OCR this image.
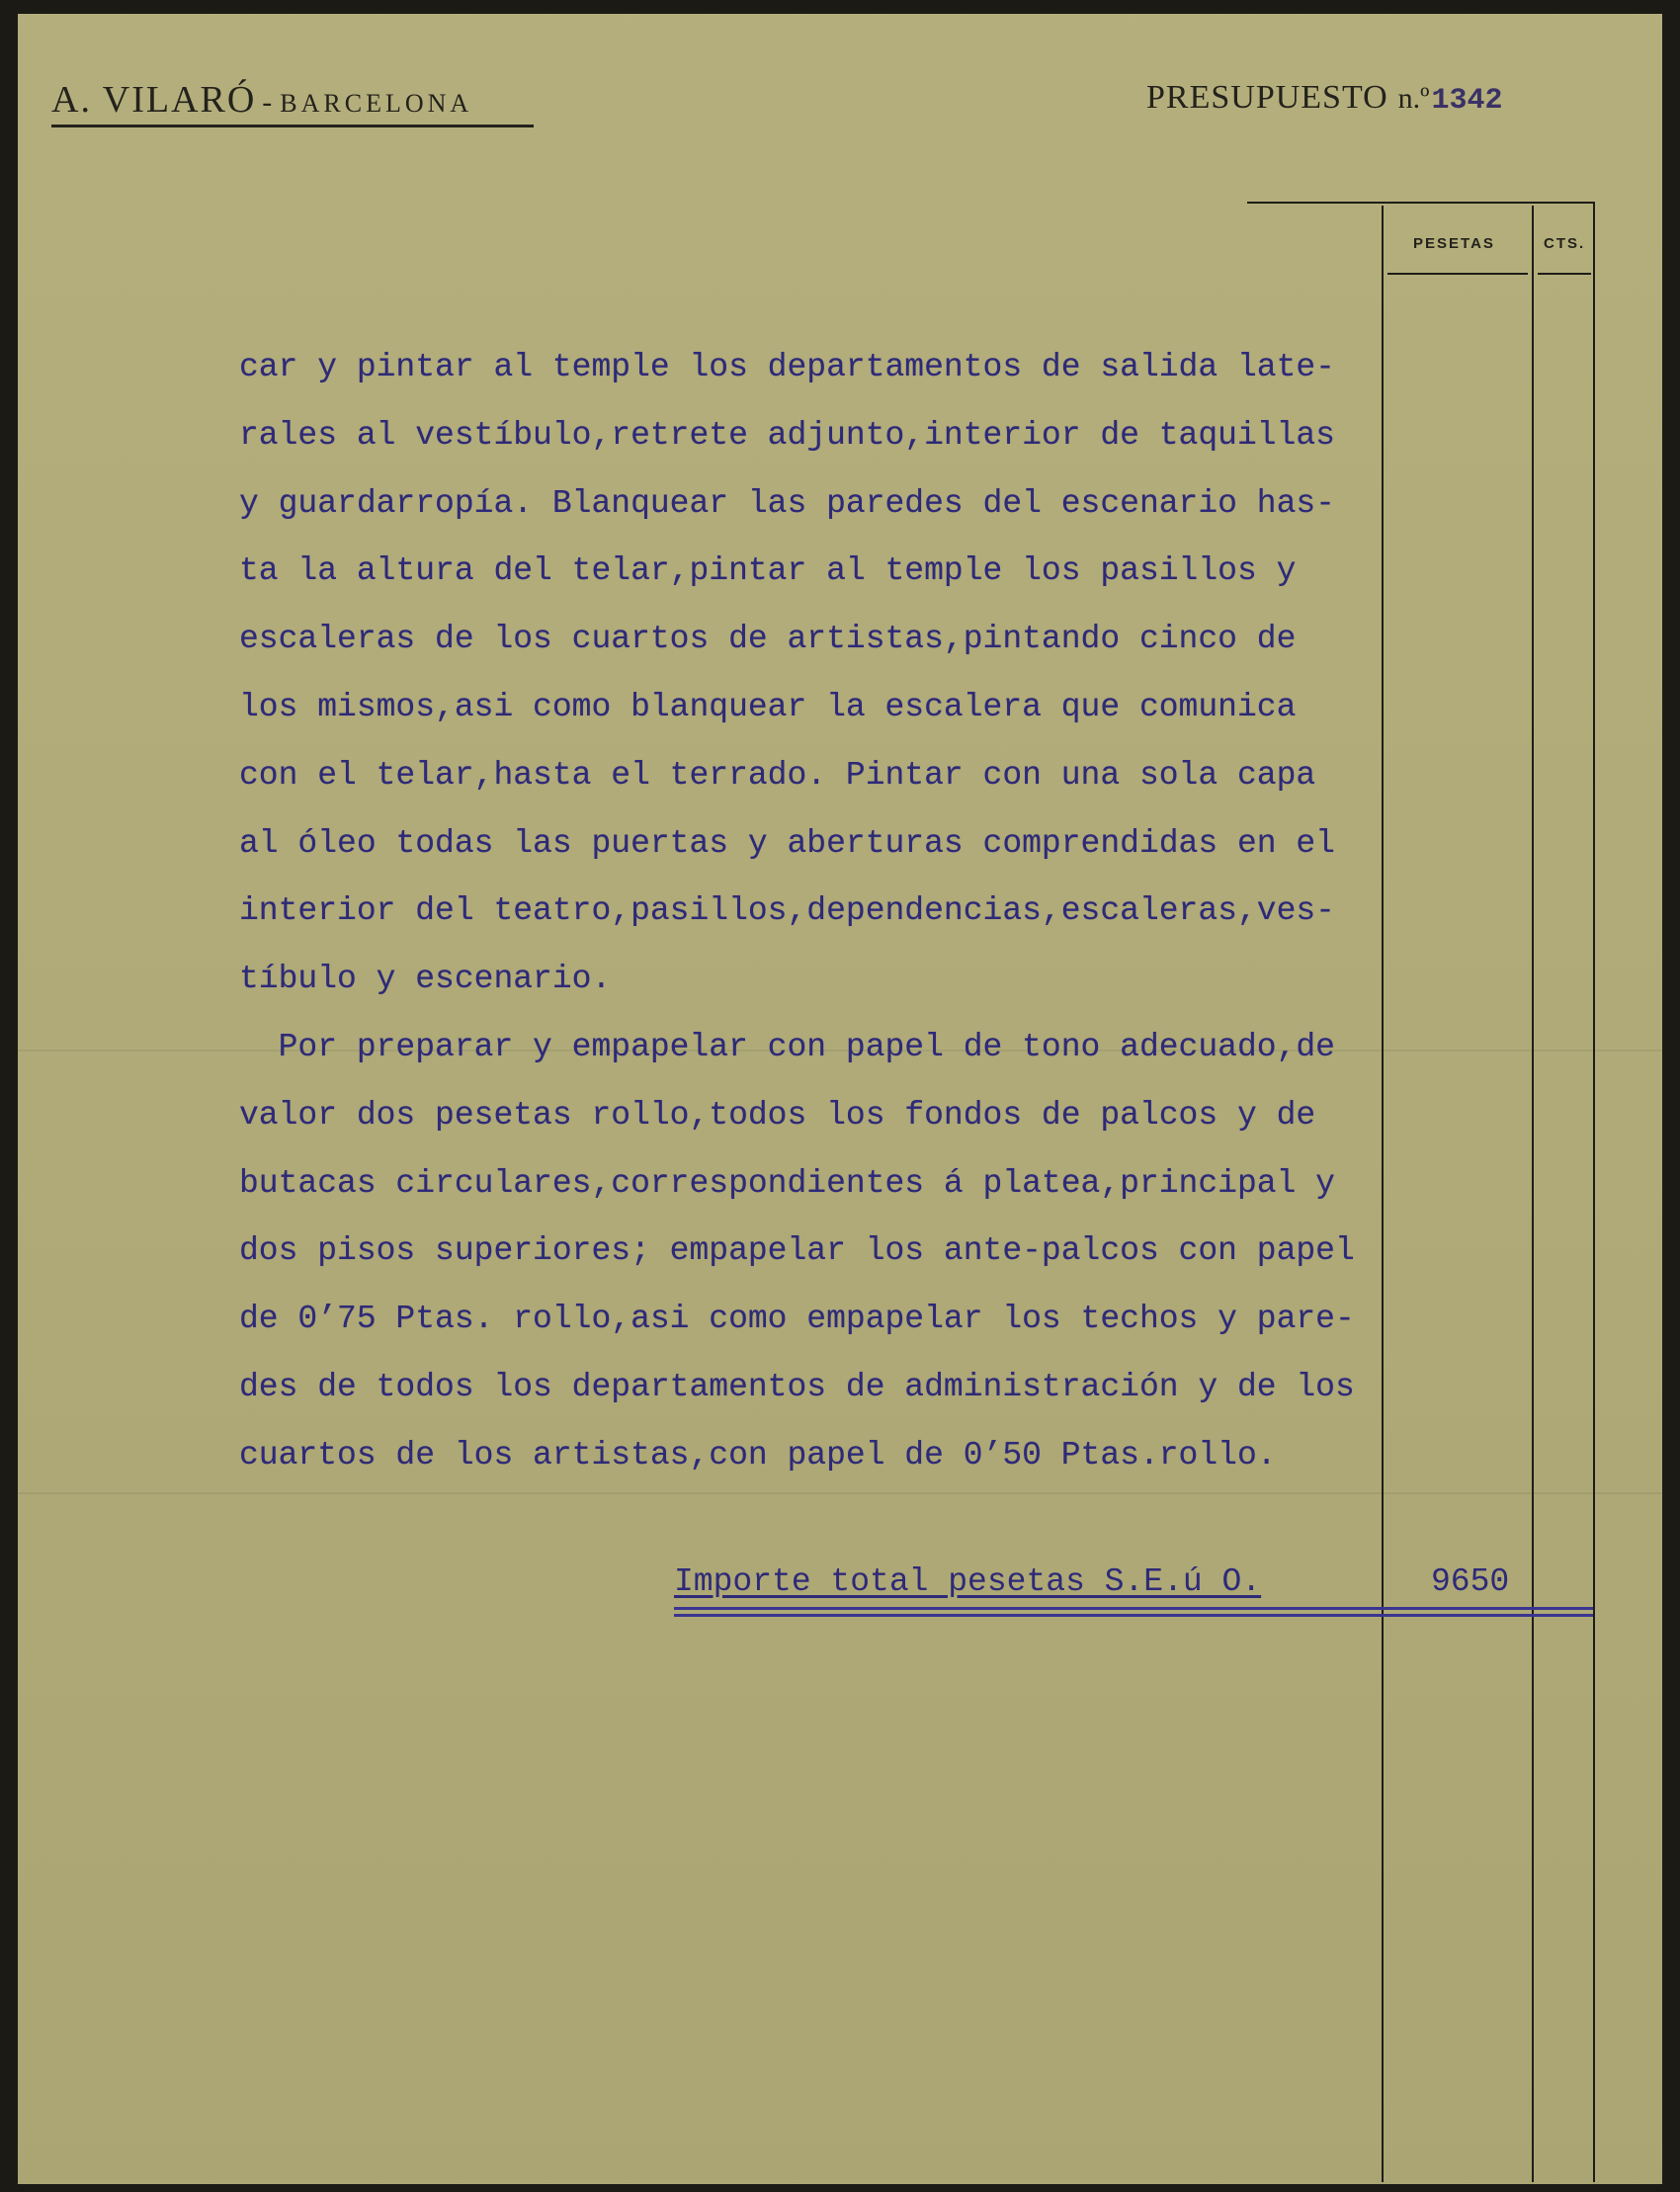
A. VILARÓ - BARCELONA	PRESUPUESTO n.º1342
PESETAS	CTS.
car y pintar al temple los departamentos de salida late-
rales al vestíbulo,retrete adjunto,interior de taquillas
y guardarropía. Blanquear las paredes del escenario has-
ta la altura del telar,pintar al temple los pasillos y
escaleras de los cuartos de artistas,pintando cinco de
los mismos,asi como blanquear la escalera que comunica
con el telar,hasta el terrado. Pintar con una sola capa
al óleo todas las puertas y aberturas comprendidas en el
interior del teatro,pasillos,dependencias,escaleras,ves-
tíbulo y escenario.
Por preparar y empapelar con papel de tono adecuado,de
valor dos pesetas rollo,todos los fondos de palcos y de
butacas circulares,correspondientes á platea,principal y
dos pisos superiores; empapelar los ante-palcos con papel
de 0’75 Ptas. rollo,asi como empapelar los techos y pare-
des de todos los departamentos de administración y de los
cuartos de los artistas,con papel de 0’50 Ptas.rollo.
Importe total pesetas S.E.ú O.	9650
